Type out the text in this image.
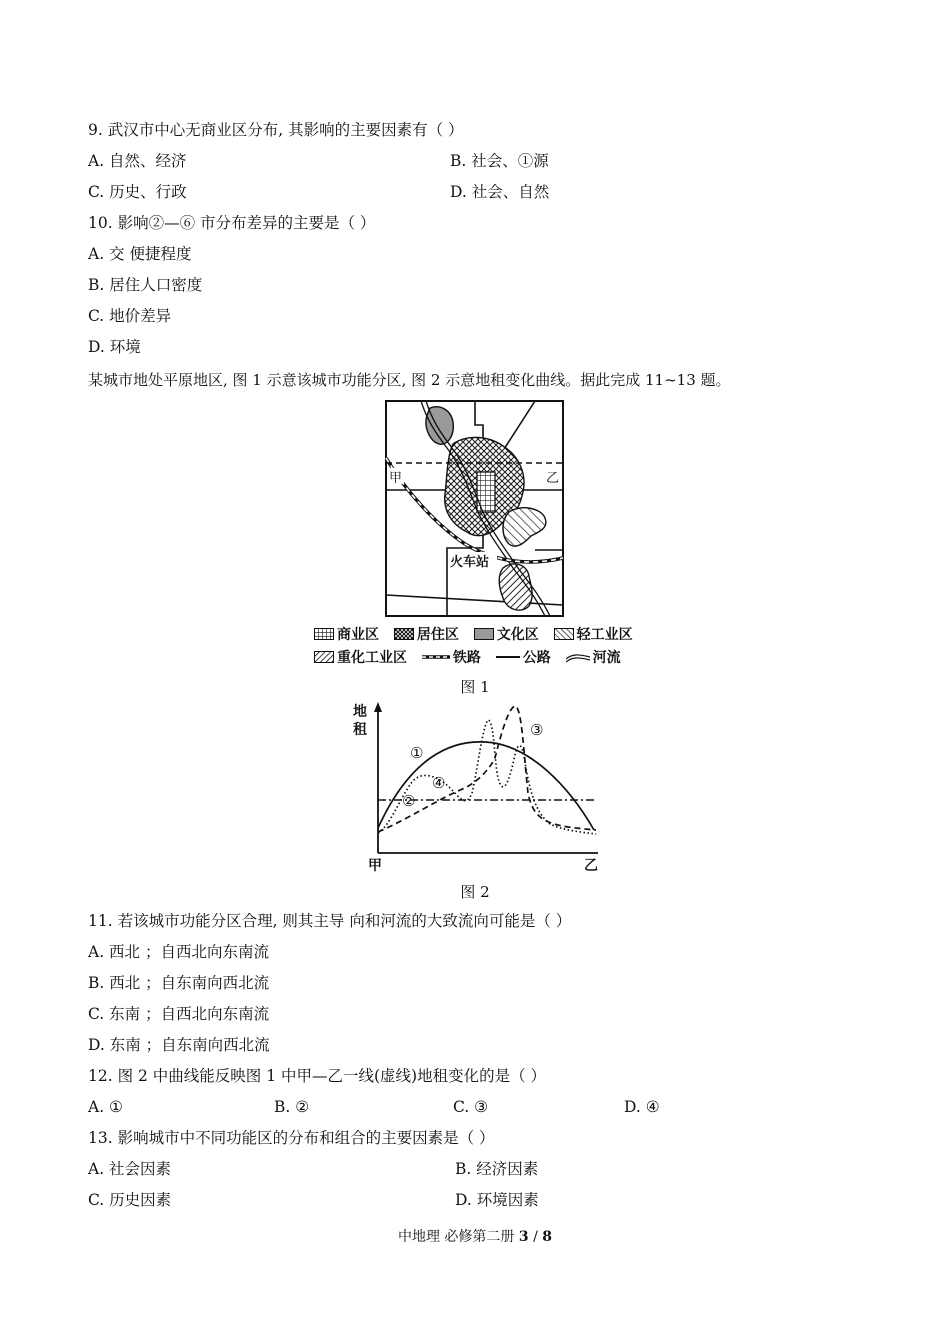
9. 武汉市中心无商业区分布, 其影响的主要因素有（ ）
A. 自然、经济	B. 社会、①源
C. 历史、行政	D. 社会、自然
10. 影响②—⑥ 市分布差异的主要是（ ）
A. 交 便捷程度
B. 居住人口密度
C. 地价差异
D. 环境
某城市地处平原地区, 图 1 示意该城市功能分区, 图 2 示意地租变化曲线。据此完成 11~13 题。
甲	乙
火车站
商业区
	居住区
	文化区
	轻工业区
重化工业区
	铁路
	公路
	河流
图 1
地
租
甲	乙
①
②
③
④
图 2
11. 若该城市功能分区合理, 则其主导 向和河流的大致流向可能是（ ）
A. 西北 ；自西北向东南流
B. 西北 ；自东南向西北流
C. 东南 ；自西北向东南流
D. 东南 ；自东南向西北流
12. 图 2 中曲线能反映图 1 中甲—乙一线(虚线)地租变化的是（ ）
A. ①	B. ②	C. ③	D. ④
13. 影响城市中不同功能区的分布和组合的主要因素是（ ）
A. 社会因素	B. 经济因素
C. 历史因素	D. 环境因素
中地理 必修第二册 3 / 8
